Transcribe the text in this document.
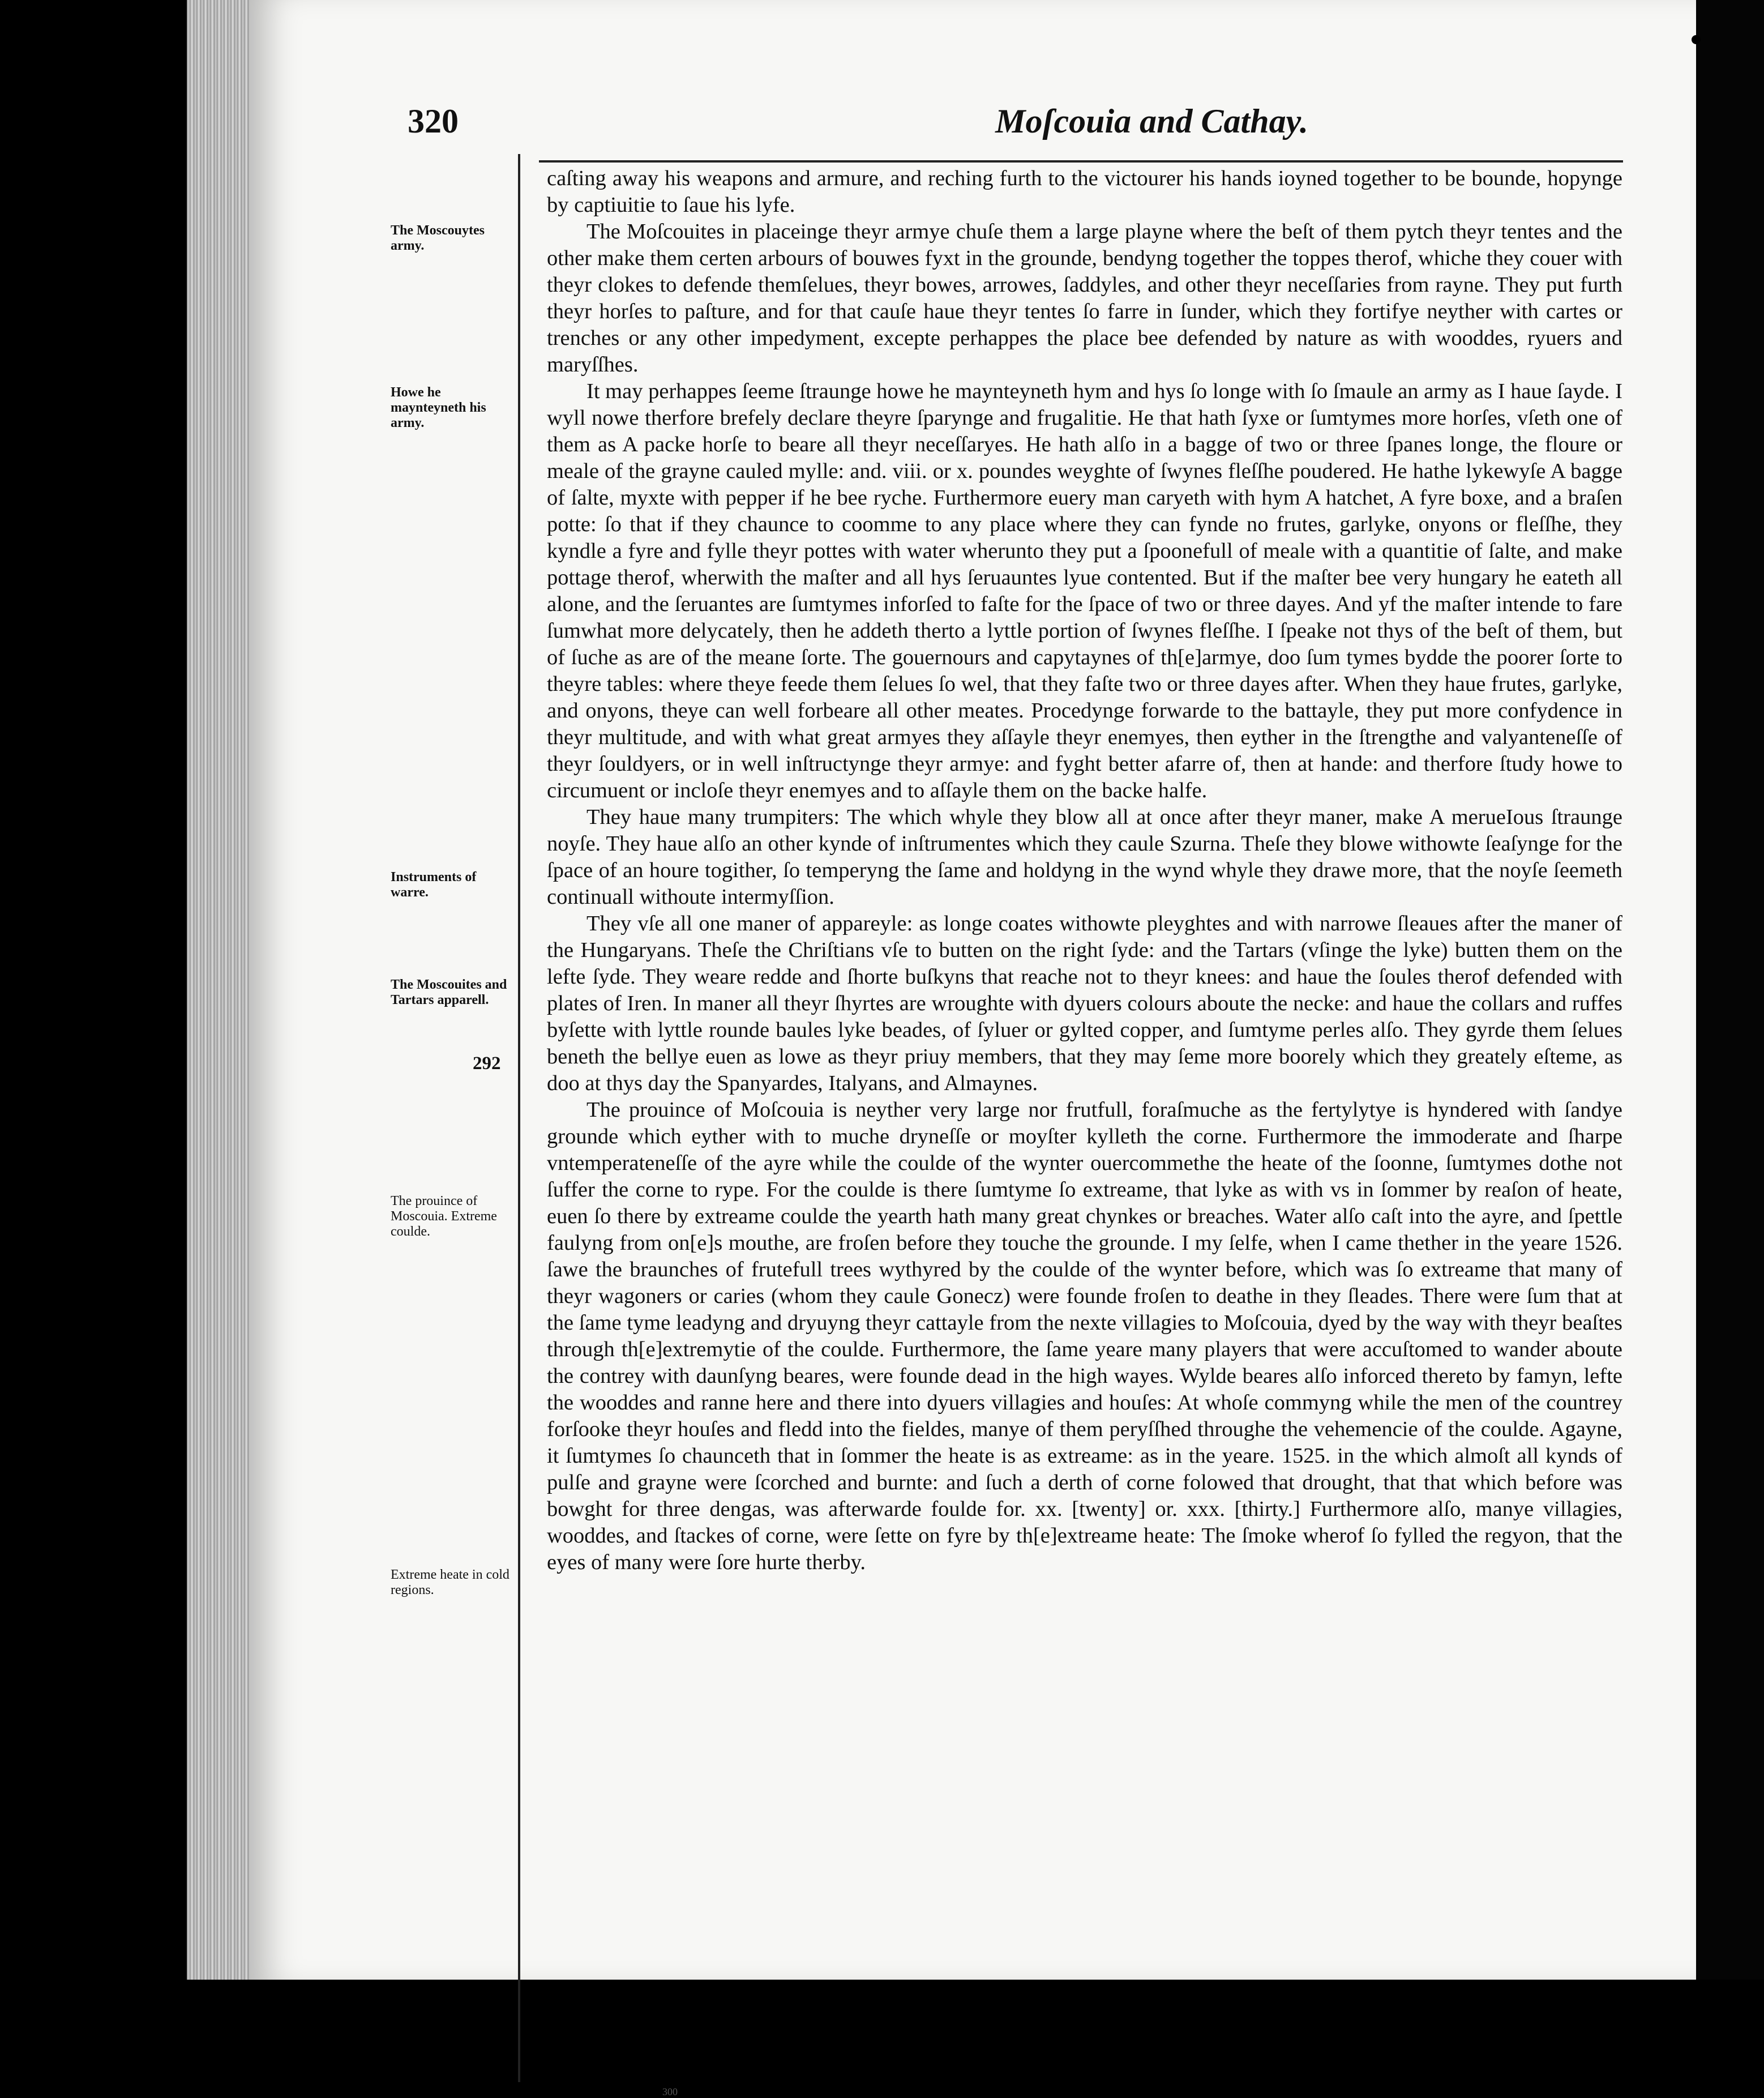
320	Moſcouia and Cathay.
The Moscouytes army.
Howe he maynteyneth his army.
Instruments of warre.
The Moscouites and Tartars apparell.
292
The prouince of Moscouia. Extreme coulde.
Extreme heate in cold regions.

caſting away his weapons and armure, and reching furth to the victourer his hands ioyned together to be bounde, hopynge by captiuitie to ſaue his lyfe.

The Moſcouites in placeinge theyr armye chuſe them a large playne where the beſt of them pytch theyr tentes and the other make them certen arbours of bouwes fyxt in the grounde, bendyng together the toppes therof, whiche they couer with theyr clokes to defende themſelues, theyr bowes, arrowes, ſaddyles, and other theyr neceſſaries from rayne. They put furth theyr horſes to paſture, and for that cauſe haue theyr tentes ſo farre in ſunder, which they fortifye neyther with cartes or trenches or any other impedyment, excepte perhappes the place bee defended by nature as with wooddes, ryuers and maryſſhes.

It may perhappes ſeeme ſtraunge howe he maynteyneth hym and hys ſo longe with ſo ſmaule an army as I haue ſayde. I wyll nowe therfore brefely declare theyre ſparynge and frugalitie. He that hath ſyxe or ſumtymes more horſes, vſeth one of them as A packe horſe to beare all theyr neceſſaryes. He hath alſo in a bagge of two or three ſpanes longe, the floure or meale of the grayne cauled mylle: and. viii. or x. poundes weyghte of ſwynes fleſſhe poudered. He hathe lykewyſe A bagge of ſalte, myxte with pepper if he bee ryche. Furthermore euery man caryeth with hym A hatchet, A fyre boxe, and a braſen potte: ſo that if they chaunce to coomme to any place where they can fynde no frutes, garlyke, onyons or fleſſhe, they kyndle a fyre and fylle theyr pottes with water wherunto they put a ſpoonefull of meale with a quantitie of ſalte, and make pottage therof, wherwith the maſter and all hys ſeruauntes lyue contented. But if the maſter bee very hungary he eateth all alone, and the ſeruantes are ſumtymes inforſed to faſte for the ſpace of two or three dayes. And yf the maſter intende to fare ſumwhat more delycately, then he addeth therto a lyttle portion of ſwynes fleſſhe. I ſpeake not thys of the beſt of them, but of ſuche as are of the meane ſorte. The gouernours and capytaynes of th[e]armye, doo ſum tymes bydde the poorer ſorte to theyre tables: where theye feede them ſelues ſo wel, that they faſte two or three dayes after. When they haue frutes, garlyke, and onyons, theye can well forbeare all other meates. Procedynge forwarde to the battayle, they put more confydence in theyr multitude, and with what great armyes they aſſayle theyr enemyes, then eyther in the ſtrengthe and valyanteneſſe of theyr ſouldyers, or in well inſtructynge theyr armye: and fyght better afarre of, then at hande: and therfore ſtudy howe to circumuent or incloſe theyr enemyes and to aſſayle them on the backe halfe.

They haue many trumpiters: The which whyle they blow all at once after theyr maner, make A merueIous ſtraunge noyſe. They haue alſo an other kynde of inſtrumentes which they caule Szurna. Theſe they blowe withowte ſeaſynge for the ſpace of an houre togither, ſo temperyng the ſame and holdyng in the wynd whyle they drawe more, that the noyſe ſeemeth continuall withoute intermyſſion.

They vſe all one maner of appareyle: as longe coates withowte pleyghtes and with narrowe ſleaues after the maner of the Hungaryans. Theſe the Chriſtians vſe to butten on the right ſyde: and the Tartars (vſinge the lyke) butten them on the lefte ſyde. They weare redde and ſhorte buſkyns that reache not to theyr knees: and haue the ſoules therof defended with plates of Iren. In maner all theyr ſhyrtes are wroughte with dyuers colours aboute the necke: and haue the collars and ruffes byſette with lyttle rounde baules lyke beades, of ſyluer or gylted copper, and ſumtyme perles alſo. They gyrde them ſelues beneth the bellye euen as lowe as theyr priuy members, that they may ſeme more boorely which they greately eſteme, as doo at thys day the Spanyardes, Italyans, and Almaynes.

The prouince of Moſcouia is neyther very large nor frutfull, foraſmuche as the fertylytye is hyndered with ſandye grounde which eyther with to muche dryneſſe or moyſter kylleth the corne. Furthermore the immoderate and ſharpe vntemperateneſſe of the ayre while the coulde of the wynter ouercommethe the heate of the ſoonne, ſumtymes dothe not ſuffer the corne to rype. For the coulde is there ſumtyme ſo extreame, that lyke as with vs in ſommer by reaſon of heate, euen ſo there by extreame coulde the yearth hath many great chynkes or breaches. Water alſo caſt into the ayre, and ſpettle faulyng from on[e]s mouthe, are froſen before they touche the grounde. I my ſelfe, when I came thether in the yeare 1526. ſawe the braunches of frutefull trees wythyred by the coulde of the wynter before, which was ſo extreame that many of theyr wagoners or caries (whom they caule Gonecz) were founde froſen to deathe in they ſleades. There were ſum that at the ſame tyme leadyng and dryuyng theyr cattayle from the nexte villagies to Moſcouia, dyed by the way with theyr beaſtes through th[e]extremytie of the coulde. Furthermore, the ſame yeare many players that were accuſtomed to wander aboute the contrey with daunſyng beares, were founde dead in the high wayes. Wylde beares alſo inforced thereto by famyn, lefte the wooddes and ranne here and there into dyuers villagies and houſes: At whoſe commyng while the men of the countrey forſooke theyr houſes and fledd into the fieldes, manye of them peryſſhed throughe the vehemencie of the coulde. Agayne, it ſumtymes ſo chaunceth that in ſommer the heate is as extreame: as in the yeare. 1525. in the which almoſt all kynds of pulſe and grayne were ſcorched and burnte: and ſuch a derth of corne folowed that drought, that that which before was bowght for three dengas, was afterwarde foulde for. xx. [twenty] or. xxx. [thirty.] Furthermore alſo, manye villagies, wooddes, and ſtackes of corne, were ſette on fyre by th[e]extreame heate: The ſmoke wherof ſo fylled the regyon, that the eyes of many were ſore hurte therby.

300
